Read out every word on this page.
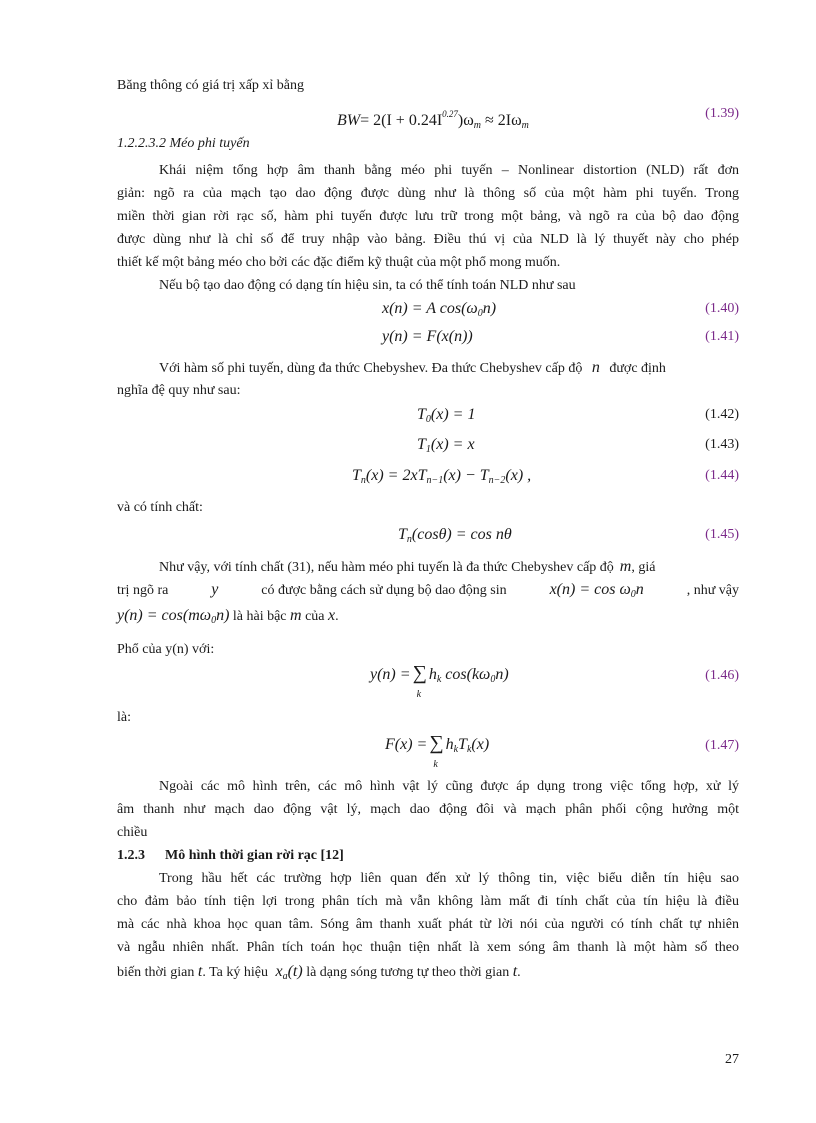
Băng thông có giá trị xấp xỉ bằng
$BW= 2(I + 0.24I^{0.27})\omega_m \approx 2I\omega_m$
(1.39)
1.2.2.3.2 Méo phi tuyến
Khái niệm tổng hợp âm thanh bằng méo phi tuyến – Nonlinear distortion (NLD) rất đơn
giản: ngõ ra của mạch tạo dao động được dùng như là thông số của một hàm phi tuyến. Trong
miền thời gian rời rạc số, hàm phi tuyến được lưu trữ trong một bảng, và ngõ ra của bộ dao động
được dùng như là chỉ số để truy nhập vào bảng. Điều thú vị của NLD là lý thuyết này cho phép
thiết kế một bảng méo cho bởi các đặc điểm kỹ thuật của một phổ mong muốn.
Nếu bộ tạo dao động có dạng tín hiệu sin, ta có thể tính toán NLD như sau
x(n) = A $\cos(\omega_0n)$	(1.40)
y(n) = F(x(n))	(1.41)
Với hàm số phi tuyến, dùng đa thức Chebyshev. Đa thức Chebyshev cấp độ n được định
nghĩa đệ quy như sau:
$T_0(x) = 1$	(1.42)
$T_1(x) = x$	(1.43)
$T_n(x) = 2xT_{n-1}(x) - T_{n-2}(x)$ ,	(1.44)
và có tính chất:
$T_n(\cos\theta) = \cos n\theta$	(1.45)
Như vậy, với tính chất (31), nếu hàm méo phi tuyến là đa thức Chebyshev cấp độ m, giá
trị ngõ ra	y	có được bằng cách sử dụng bộ dao động sin	$x(n) = \cos \omega_0n$	, như vậy
$y(n) = \cos(m\omega_0n)$ là hài bậc m của x.
Phổ của y(n) với:
y(n) = ∑
k
$h_k$ $\cos(k\omega_0n)$	(1.46)
là:
F(x) = ∑
k
$h_kT_k(x)$	(1.47)
Ngoài các mô hình trên, các mô hình vật lý cũng được áp dụng trong việc tổng hợp, xử lý
âm thanh như mạch dao động vật lý, mạch dao động đôi và mạch phân phối cộng hưởng một
chiều
1.2.3 Mô hình thời gian rời rạc [12]
Trong hầu hết các trường hợp liên quan đến xử lý thông tin, việc biểu diễn tín hiệu sao
cho đảm bảo tính tiện lợi trong phân tích mà vẫn không làm mất đi tính chất của tín hiệu là điều
mà các nhà khoa học quan tâm. Sóng âm thanh xuất phát từ lời nói của người có tính chất tự nhiên
và ngẫu nhiên nhất. Phân tích toán học thuận tiện nhất là xem sóng âm thanh là một hàm số theo
biến thời gian t. Ta ký hiệu $x_a(t)$ là dạng sóng tương tự theo thời gian t.
27
